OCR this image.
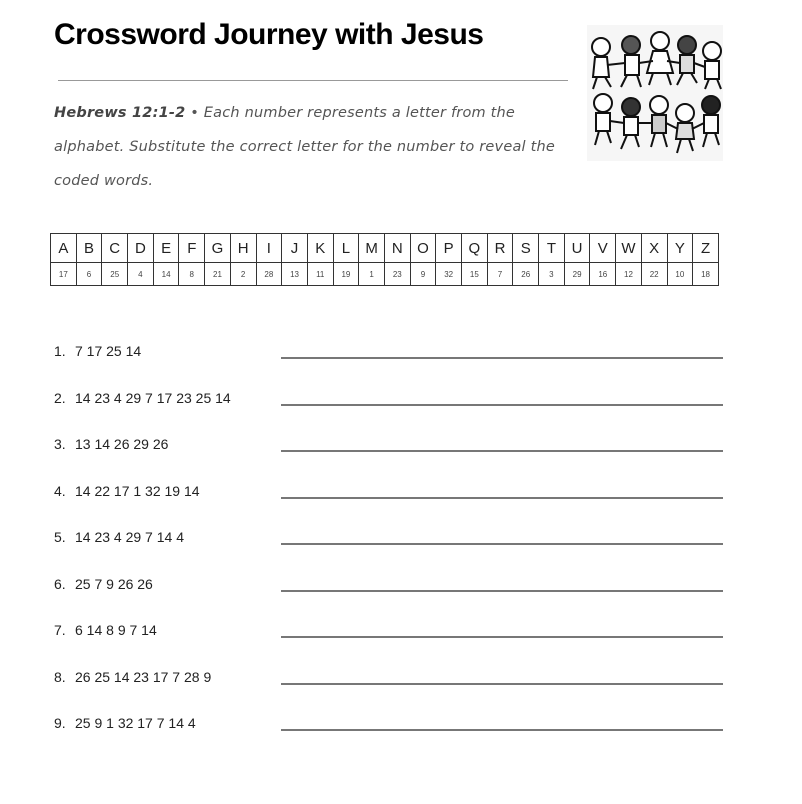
Crossword Journey with Jesus

Hebrews 12:1-2 • Each number represents a letter from the alphabet. Substitute the correct letter for the number to reveal the coded words.

A	B	C	D	E	F	G	H	I	J	K	L	M	N	O	P	Q	R	S	T	U	V	W	X	Y	Z
17	6	25	4	14	8	21	2	28	13	11	19	1	23	9	32	15	7	26	3	29	16	12	22	10	18
1. 7 17 25 14
2. 14 23 4 29 7 17 23 25 14
3. 13 14 26 29 26
4. 14 22 17 1 32 19 14
5. 14 23 4 29 7 14 4
6. 25 7 9 26 26
7. 6 14 8 9 7 14
8. 26 25 14 23 17 7 28 9
9. 25 9 1 32 17 7 14 4
